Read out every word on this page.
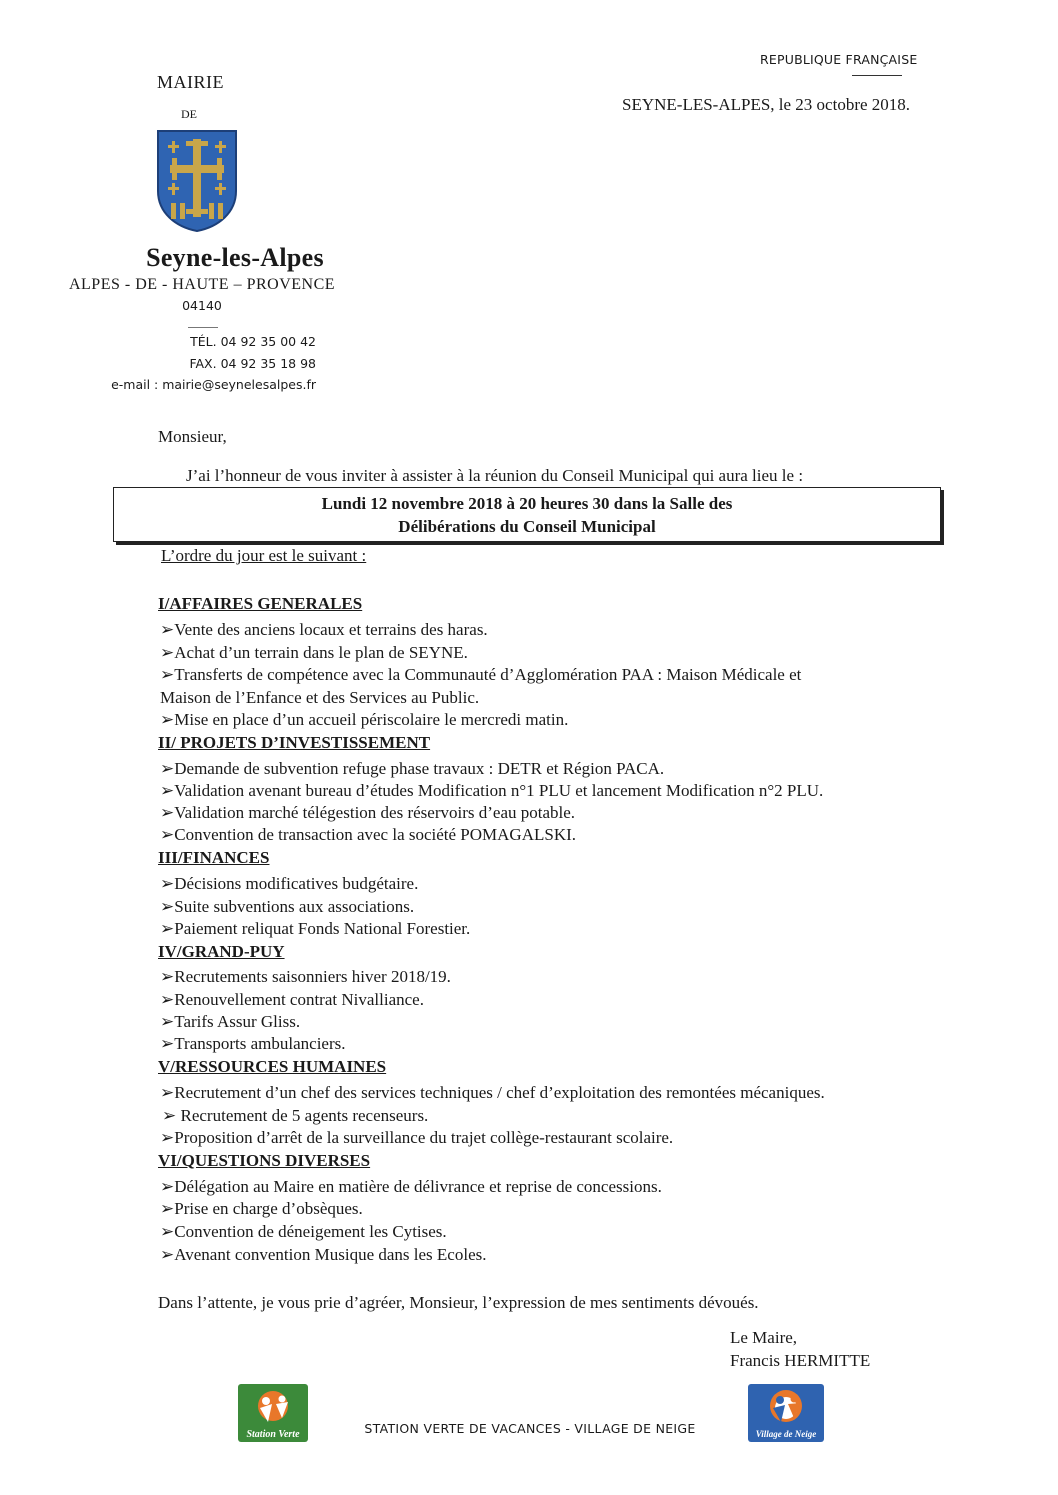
REPUBLIQUE FRANÇAISE
SEYNE-LES-ALPES, le 23 octobre 2018.
MAIRIE
DE
Seyne-les-Alpes
ALPES - DE - HAUTE – PROVENCE
04140
TÉL. 04 92 35 00 42
FAX. 04 92 35 18 98
e-mail : mairie@seynelesalpes.fr
Monsieur,
J’ai l’honneur de vous inviter à assister à la réunion du Conseil Municipal qui aura lieu le :
Lundi 12 novembre 2018 à 20 heures 30 dans la Salle des
Délibérations du Conseil Municipal
L’ordre du jour est le suivant :
I/AFFAIRES GENERALES
➢Vente des anciens locaux et terrains des haras.
➢Achat d’un terrain dans le plan de SEYNE.
➢Transferts de compétence avec la Communauté d’Agglomération PAA : Maison Médicale et
Maison de l’Enfance et des Services au Public.
➢Mise en place d’un accueil périscolaire le mercredi matin.
II/ PROJETS D’INVESTISSEMENT
➢Demande de subvention refuge phase travaux : DETR et Région PACA.
➢Validation avenant bureau d’études Modification n°1 PLU et lancement Modification n°2 PLU.
➢Validation marché télégestion des réservoirs d’eau potable.
➢Convention de transaction avec la société POMAGALSKI.
III/FINANCES
➢Décisions modificatives budgétaire.
➢Suite subventions aux associations.
➢Paiement reliquat Fonds National Forestier.
IV/GRAND-PUY
➢Recrutements saisonniers hiver 2018/19.
➢Renouvellement contrat Nivalliance.
➢Tarifs Assur Gliss.
➢Transports ambulanciers.
V/RESSOURCES HUMAINES
➢Recrutement d’un chef des services techniques / chef d’exploitation des remontées mécaniques.
➢ Recrutement de 5 agents recenseurs.
➢Proposition d’arrêt de la surveillance du trajet collège-restaurant scolaire.
VI/QUESTIONS DIVERSES
➢Délégation au Maire en matière de délivrance et reprise de concessions.
➢Prise en charge d’obsèques.
➢Convention de déneigement les Cytises.
➢Avenant convention Musique dans les Ecoles.
Dans l’attente, je vous prie d’agréer, Monsieur, l’expression de mes sentiments dévoués.
Le Maire,
Francis HERMITTE
Station Verte	STATION VERTE DE VACANCES - VILLAGE DE NEIGE	Village de Neige
